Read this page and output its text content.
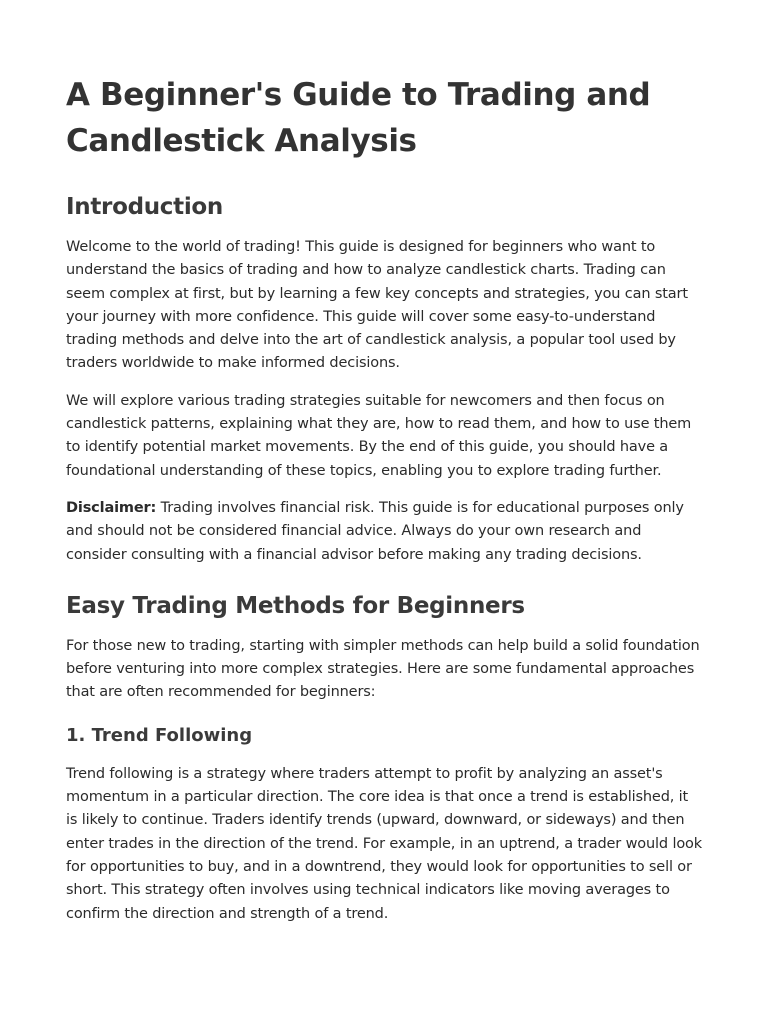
A Beginner's Guide to Trading and Candlestick Analysis
Introduction

Welcome to the world of trading! This guide is designed for beginners who want to understand the basics of trading and how to analyze candlestick charts. Trading can seem complex at first, but by learning a few key concepts and strategies, you can start your journey with more confidence. This guide will cover some easy-to-understand trading methods and delve into the art of candlestick analysis, a popular tool used by traders worldwide to make informed decisions.

We will explore various trading strategies suitable for newcomers and then focus on candlestick patterns, explaining what they are, how to read them, and how to use them to identify potential market movements. By the end of this guide, you should have a foundational understanding of these topics, enabling you to explore trading further.

Disclaimer: Trading involves financial risk. This guide is for educational purposes only and should not be considered financial advice. Always do your own research and consider consulting with a financial advisor before making any trading decisions.

Easy Trading Methods for Beginners

For those new to trading, starting with simpler methods can help build a solid foundation before venturing into more complex strategies. Here are some fundamental approaches that are often recommended for beginners:

1. Trend Following

Trend following is a strategy where traders attempt to profit by analyzing an asset's momentum in a particular direction. The core idea is that once a trend is established, it is likely to continue. Traders identify trends (upward, downward, or sideways) and then enter trades in the direction of the trend. For example, in an uptrend, a trader would look for opportunities to buy, and in a downtrend, they would look for opportunities to sell or short. This strategy often involves using technical indicators like moving averages to confirm the direction and strength of a trend.
